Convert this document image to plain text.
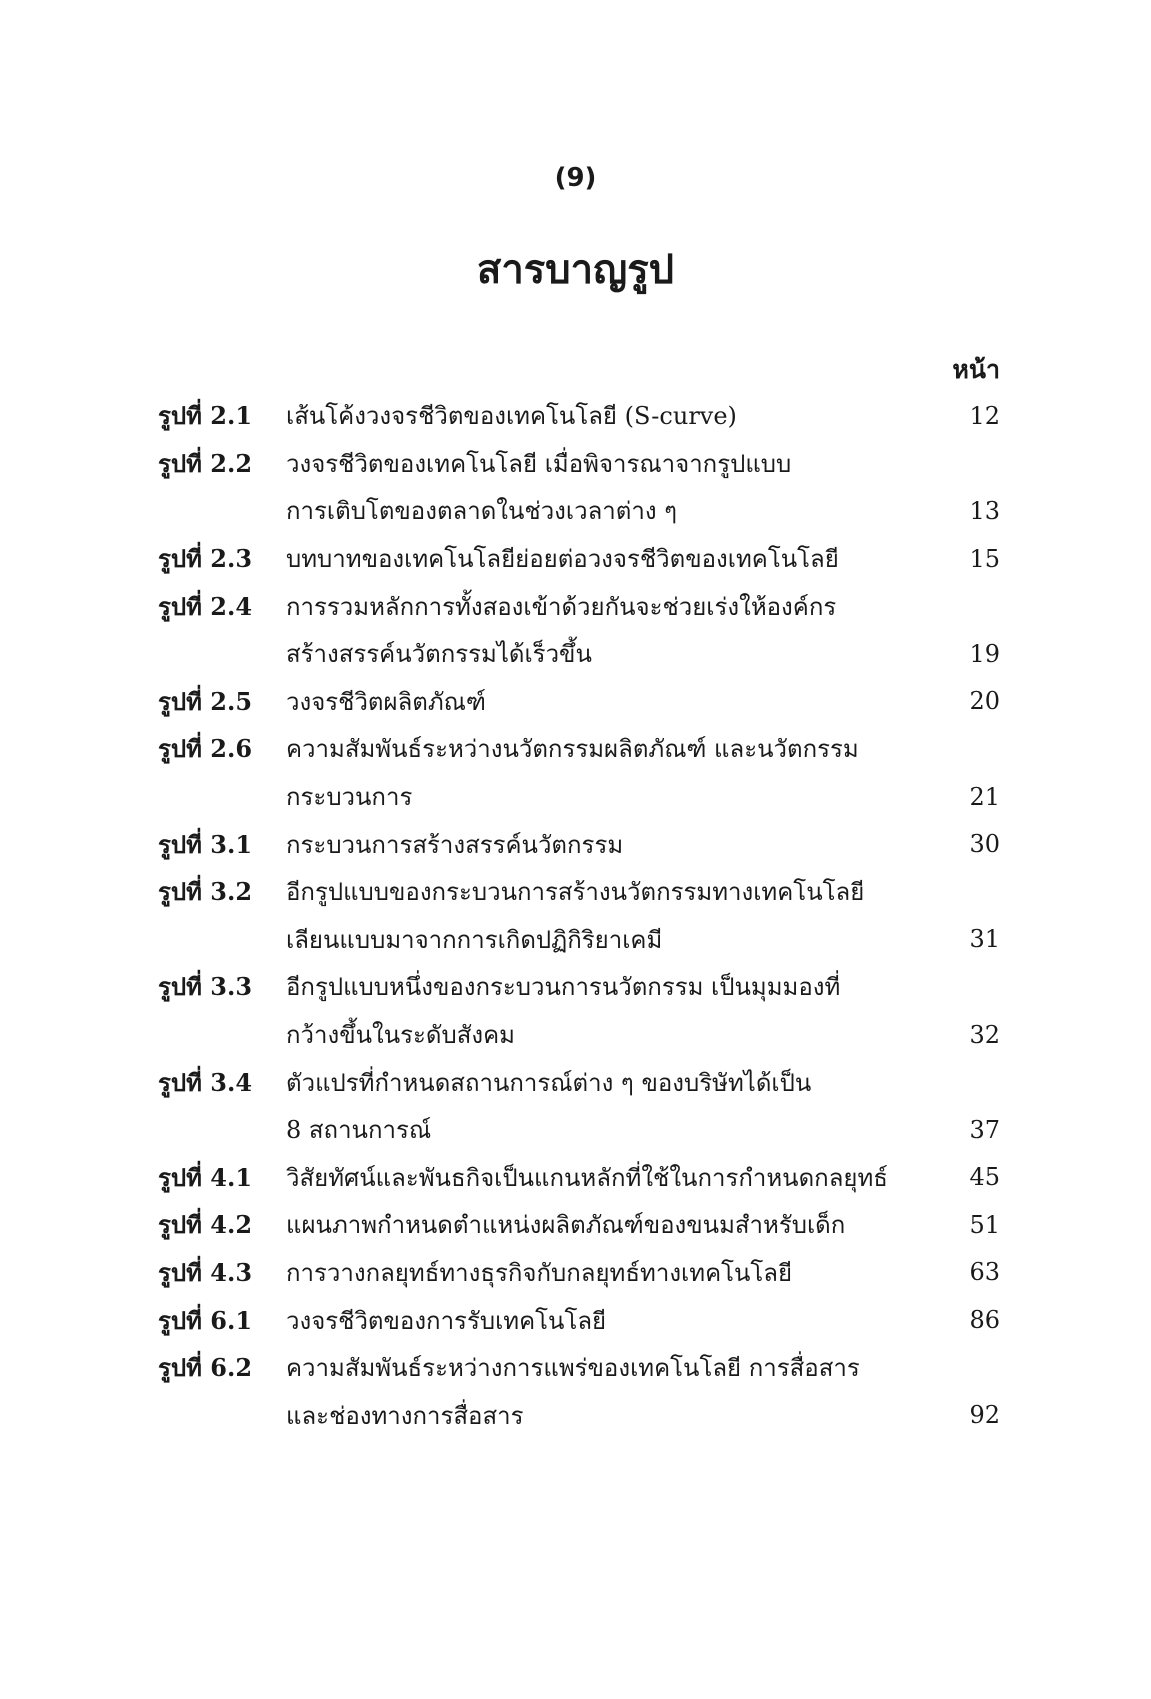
(9)
สารบาญรูป
หน้า
รูปที่ 2.1	เส้นโค้งวงจรชีวิตของเทคโนโลยี (S-curve)	12
รูปที่ 2.2	วงจรชีวิตของเทคโนโลยี เมื่อพิจารณาจากรูปแบบ
การเติบโตของตลาดในช่วงเวลาต่าง ๆ	13
รูปที่ 2.3	บทบาทของเทคโนโลยีย่อยต่อวงจรชีวิตของเทคโนโลยี	15
รูปที่ 2.4	การรวมหลักการทั้งสองเข้าด้วยกันจะช่วยเร่งให้องค์กร
สร้างสรรค์นวัตกรรมได้เร็วขึ้น	19
รูปที่ 2.5	วงจรชีวิตผลิตภัณฑ์	20
รูปที่ 2.6	ความสัมพันธ์ระหว่างนวัตกรรมผลิตภัณฑ์ และนวัตกรรม
กระบวนการ	21
รูปที่ 3.1	กระบวนการสร้างสรรค์นวัตกรรม	30
รูปที่ 3.2	อีกรูปแบบของกระบวนการสร้างนวัตกรรมทางเทคโนโลยี
เลียนแบบมาจากการเกิดปฏิกิริยาเคมี	31
รูปที่ 3.3	อีกรูปแบบหนึ่งของกระบวนการนวัตกรรม เป็นมุมมองที่
กว้างขึ้นในระดับสังคม	32
รูปที่ 3.4	ตัวแปรที่กำหนดสถานการณ์ต่าง ๆ ของบริษัทได้เป็น
8 สถานการณ์	37
รูปที่ 4.1	วิสัยทัศน์และพันธกิจเป็นแกนหลักที่ใช้ในการกำหนดกลยุทธ์	45
รูปที่ 4.2	แผนภาพกำหนดตำแหน่งผลิตภัณฑ์ของขนมสำหรับเด็ก	51
รูปที่ 4.3	การวางกลยุทธ์ทางธุรกิจกับกลยุทธ์ทางเทคโนโลยี	63
รูปที่ 6.1	วงจรชีวิตของการรับเทคโนโลยี	86
รูปที่ 6.2	ความสัมพันธ์ระหว่างการแพร่ของเทคโนโลยี การสื่อสาร
และช่องทางการสื่อสาร	92
